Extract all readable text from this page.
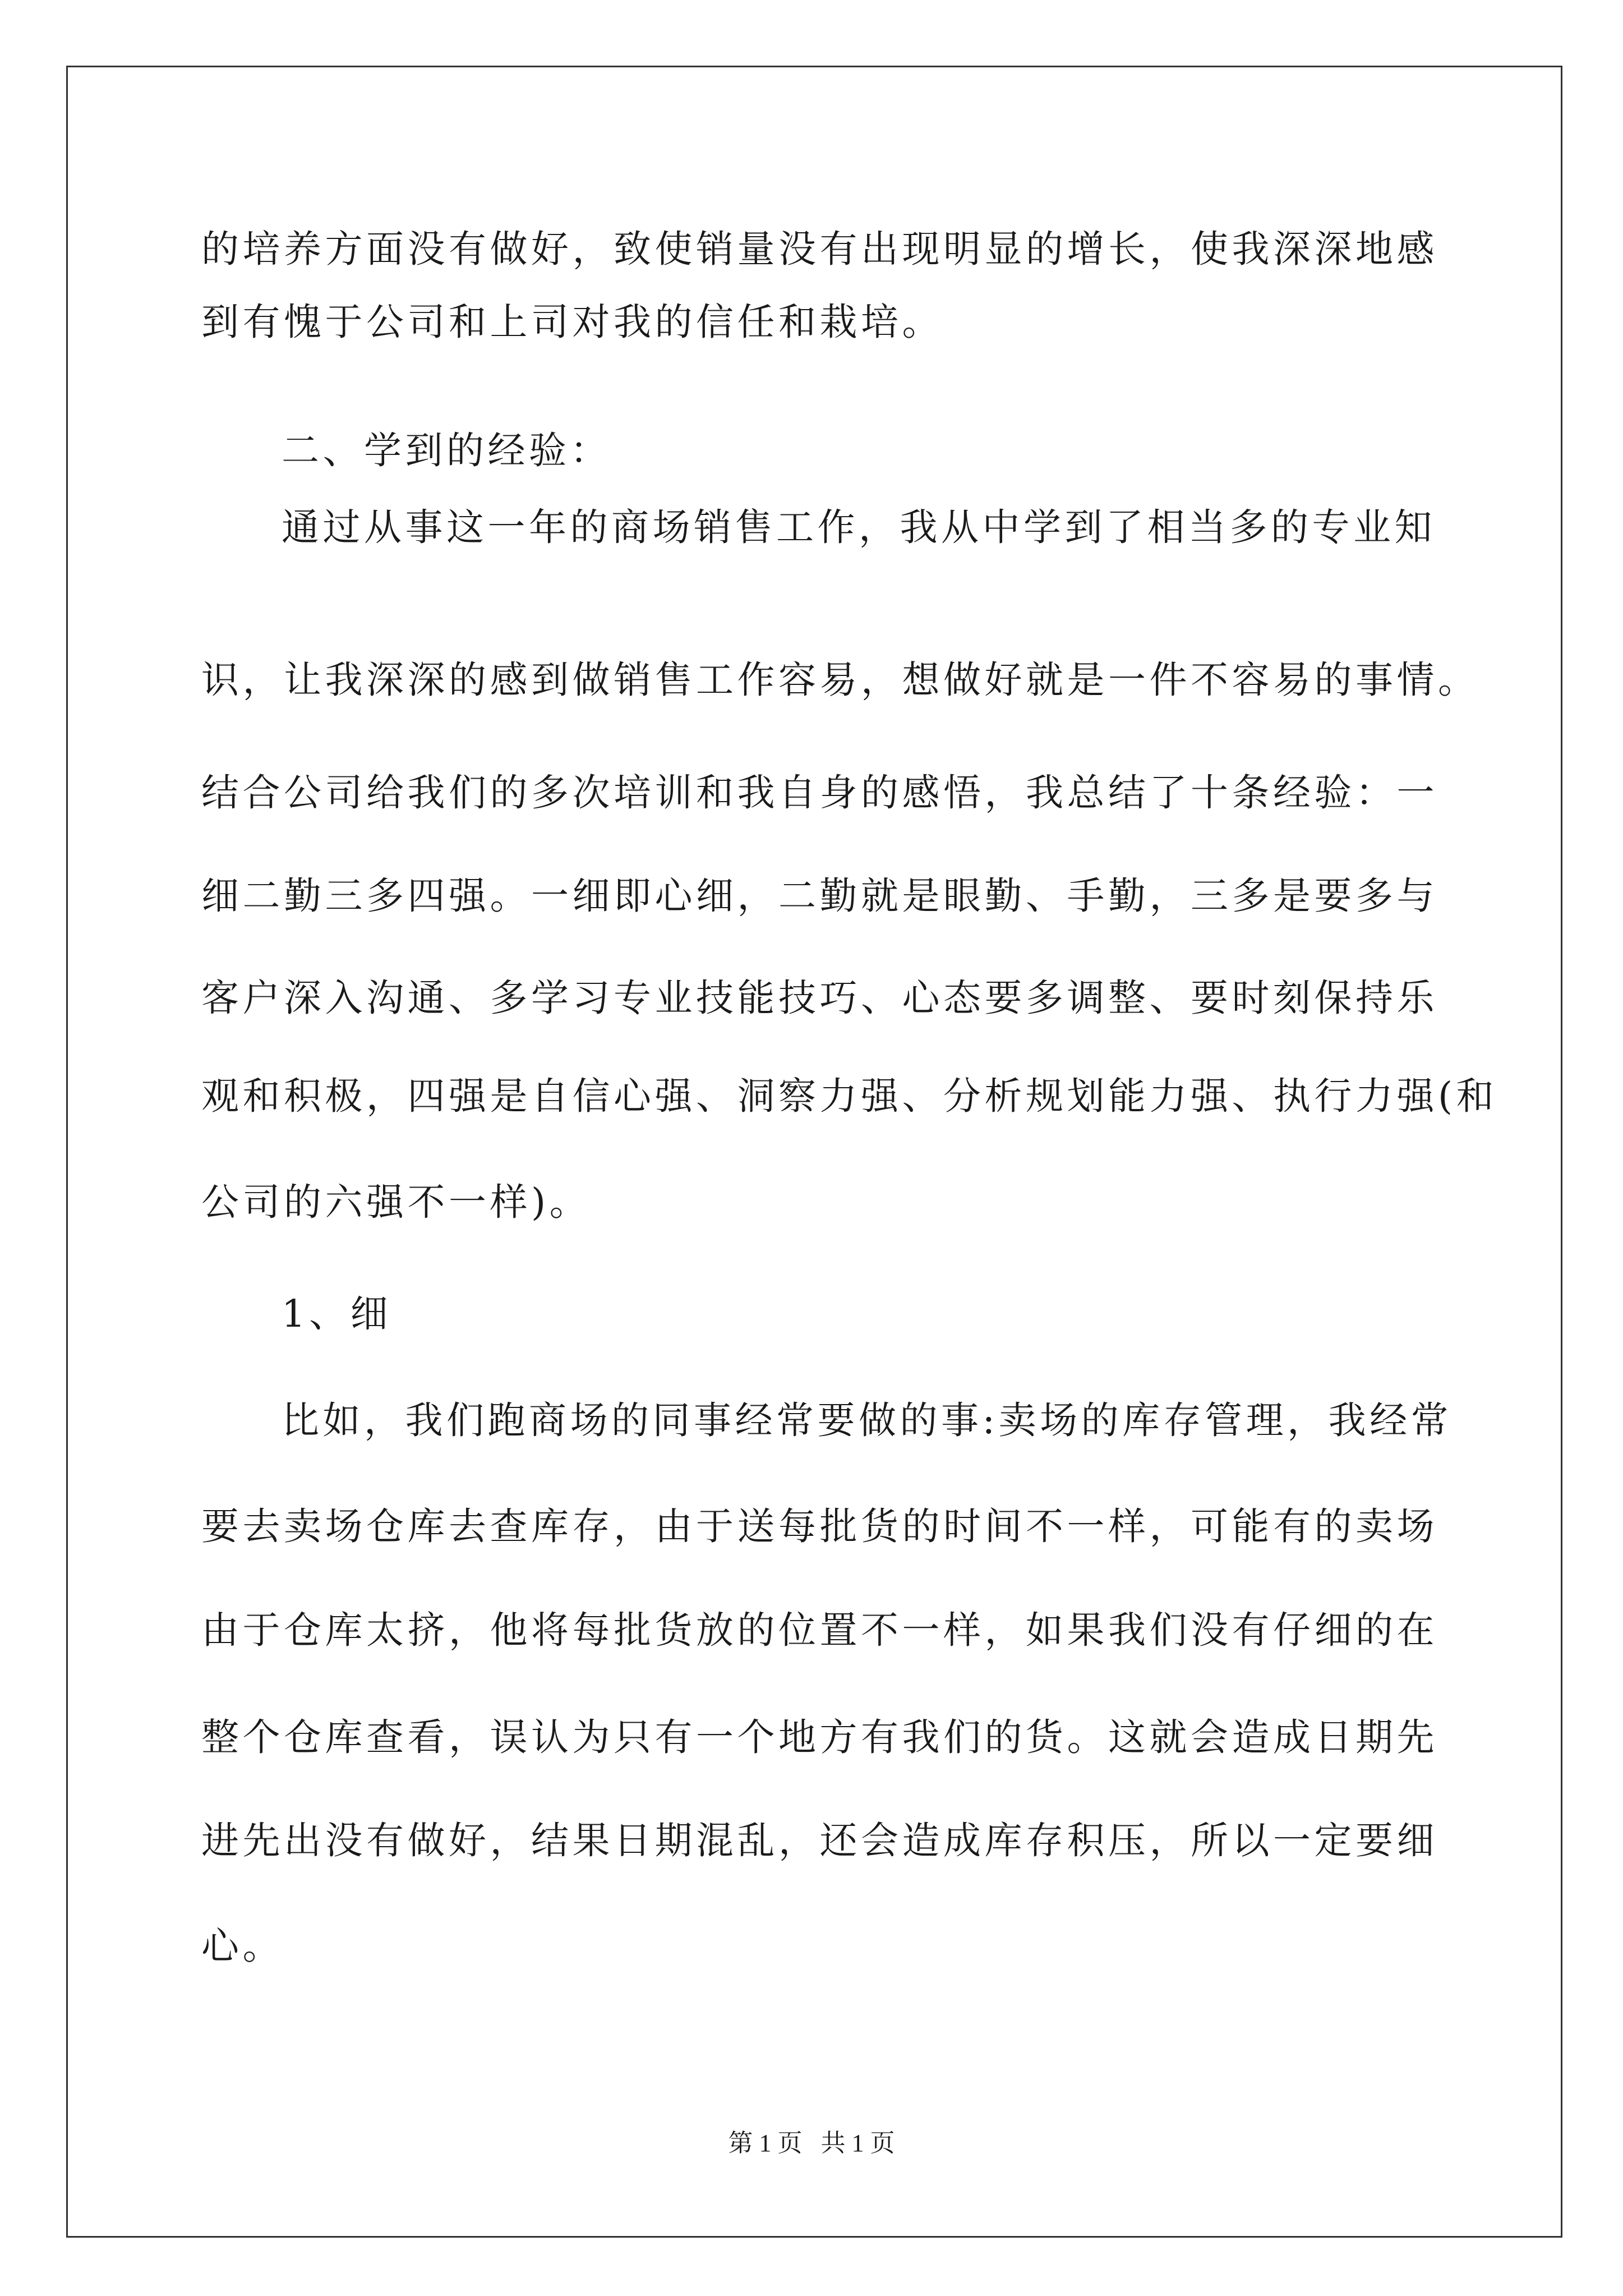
的培养方面没有做好，致使销量没有出现明显的增长，使我深深地感

到有愧于公司和上司对我的信任和栽培。

二、学到的经验：

通过从事这一年的商场销售工作，我从中学到了相当多的专业知

识，让我深深的感到做销售工作容易，想做好就是一件不容易的事情。

结合公司给我们的多次培训和我自身的感悟，我总结了十条经验：一

细二勤三多四强。一细即心细，二勤就是眼勤、手勤，三多是要多与

客户深入沟通、多学习专业技能技巧、心态要多调整、要时刻保持乐

观和积极，四强是自信心强、洞察力强、分析规划能力强、执行力强(和

公司的六强不一样)。

1、细

比如，我们跑商场的同事经常要做的事:卖场的库存管理，我经常

要去卖场仓库去查库存，由于送每批货的时间不一样，可能有的卖场

由于仓库太挤，他将每批货放的位置不一样，如果我们没有仔细的在

整个仓库查看，误认为只有一个地方有我们的货。这就会造成日期先

进先出没有做好，结果日期混乱，还会造成库存积压，所以一定要细

心。

第 1 页   共 1 页
